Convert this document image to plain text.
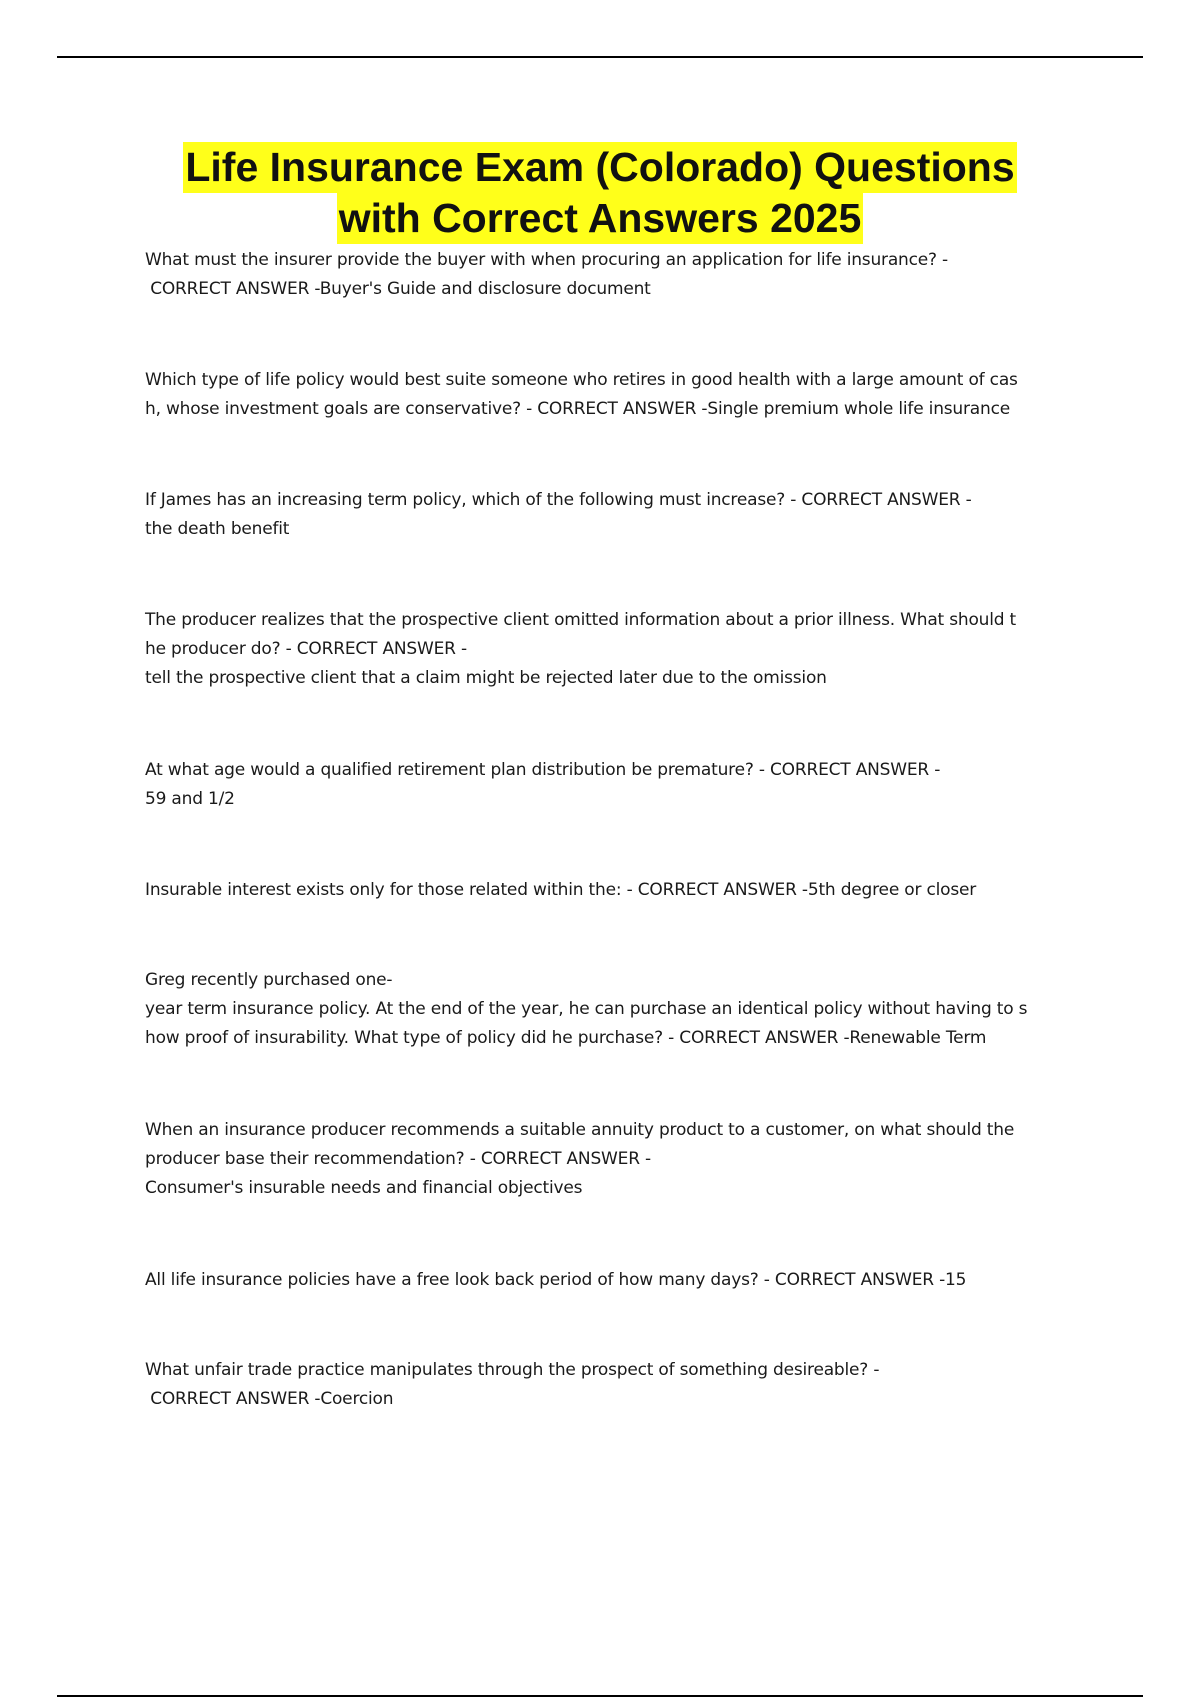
Life Insurance Exam (Colorado) Questions
with Correct Answers 2025
What must the insurer provide the buyer with when procuring an application for life insurance? -
CORRECT ANSWER -Buyer's Guide and disclosure document
Which type of life policy would best suite someone who retires in good health with a large amount of cas
h, whose investment goals are conservative? - CORRECT ANSWER -Single premium whole life insurance
If James has an increasing term policy, which of the following must increase? - CORRECT ANSWER -
the death benefit
The producer realizes that the prospective client omitted information about a prior illness. What should t
he producer do? - CORRECT ANSWER -
tell the prospective client that a claim might be rejected later due to the omission
At what age would a qualified retirement plan distribution be premature? - CORRECT ANSWER -
59 and 1/2
Insurable interest exists only for those related within the: - CORRECT ANSWER -5th degree or closer
Greg recently purchased one-
year term insurance policy. At the end of the year, he can purchase an identical policy without having to s
how proof of insurability. What type of policy did he purchase? - CORRECT ANSWER -Renewable Term
When an insurance producer recommends a suitable annuity product to a customer, on what should the
producer base their recommendation? - CORRECT ANSWER -
Consumer's insurable needs and financial objectives
All life insurance policies have a free look back period of how many days? - CORRECT ANSWER -15
What unfair trade practice manipulates through the prospect of something desireable? -
CORRECT ANSWER -Coercion
